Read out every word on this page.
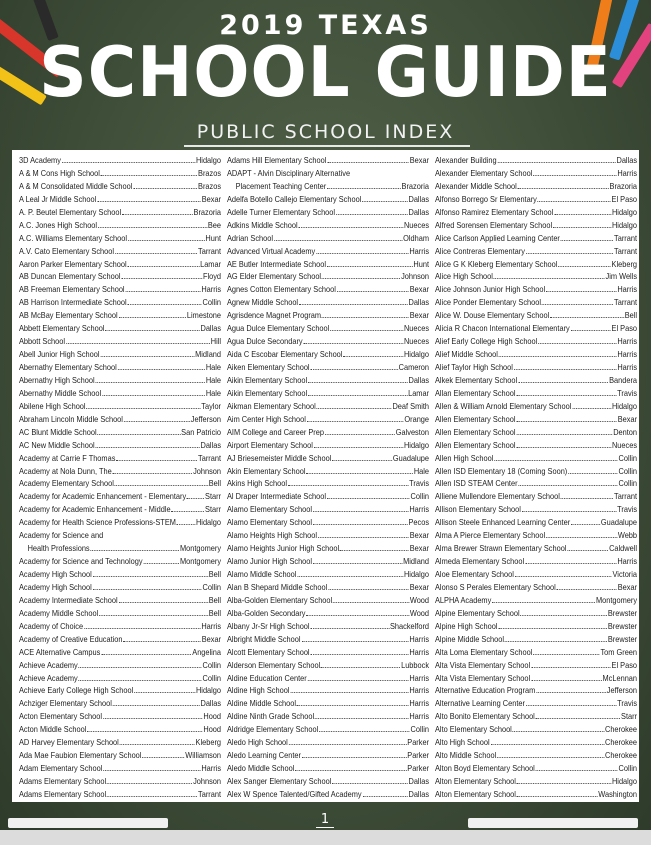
2019 TEXAS
SCHOOL GUIDE
PUBLIC SCHOOL INDEX
3D Academy	Hidalgo
A & M Cons High School	Brazos
A & M Consolidated Middle School	Brazos
A Leal Jr Middle School	Bexar
A. P. Beutel Elementary School	Brazoria
A.C. Jones High School	Bee
A.C. Williams Elementary School	Hunt
A.V. Cato Elementary School	Tarrant
Aaron Parker Elementary School	Lamar
AB Duncan Elementary School	Floyd
AB Freeman Elementary School	Harris
AB Harrison Intermediate School	Collin
AB McBay Elementary School	Limestone
Abbett Elementary School	Dallas
Abbott School	Hill
Abell Junior High School	Midland
Abernathy Elementary School	Hale
Abernathy High School	Hale
Abernathy Middle School	Hale
Abilene High School	Taylor
Abraham Lincoln Middle School	Jefferson
AC Blunt Middle School	San Patricio
AC New Middle School	Dallas
Academy at Carrie F Thomas	Tarrant
Academy at Nola Dunn, The	Johnson
Academy Elementary School	Bell
Academy for Academic Enhancement - Elementary Starr
Academy for Academic Enhancement - Middle	Starr
Academy for Health Science Professions-STEM Hidalgo
Academy for Science and
Health Professions	Montgomery
Academy for Science and Technology	Montgomery
Academy High School	Bell
Academy High School	Collin
Academy Intermediate School	Bell
Academy Middle School	Bell
Academy of Choice	Harris
Academy of Creative Education	Bexar
ACE Alternative Campus	Angelina
Achieve Academy	Collin
Achieve Academy	Collin
Achieve Early College High School	Hidalgo
Achziger Elementary School	Dallas
Acton Elementary School	Hood
Acton Middle School	Hood
AD Harvey Elementary School	Kleberg
Ada Mae Faubion Elementary School	Williamson
Adam Elementary School	Harris
Adams Elementary School	Johnson
Adams Elementary School	Tarrant
Adams Hill Elementary School	Bexar
ADAPT - Alvin Disciplinary Alternative
Placement Teaching Center	Brazoria
Adelfa Botello Callejo Elementary School	Dallas
Adelle Turner Elementary School	Dallas
Adkins Middle School	Nueces
Adrian School	Oldham
Advanced Virtual Academy	Harris
AE Butler Intermediate School	Hunt
AG Elder Elementary School	Johnson
Agnes Cotton Elementary School	Bexar
Agnew Middle School	Dallas
Agrisdence Magnet Program	Bexar
Agua Dulce Elementary School	Nueces
Agua Dulce Secondary	Nueces
Aida C Escobar Elementary School	Hidalgo
Aiken Elementary School	Cameron
Aikin Elementary School	Dallas
Aikin Elementary School	Lamar
Aikman Elementary School	Deaf Smith
Aim Center High School	Orange
AIM College and Career Prep	Galveston
Airport Elementary School	Hidalgo
AJ Briesemeister Middle School	Guadalupe
Akin Elementary School	Hale
Akins High School	Travis
Al Draper Intermediate School	Collin
Alamo Elementary School	Harris
Alamo Elementary School	Pecos
Alamo Heights High School	Bexar
Alamo Heights Junior High School	Bexar
Alamo Junior High School	Midland
Alamo Middle School	Hidalgo
Alan B Shepard Middle School	Bexar
Alba-Golden Elementary School	Wood
Alba-Golden Secondary	Wood
Albany Jr-Sr High School	Shackelford
Albright Middle School	Harris
Alcott Elementary School	Harris
Alderson Elementary School	Lubbock
Aldine Education Center	Harris
Aldine High School	Harris
Aldine Middle School	Harris
Aldine Ninth Grade School	Harris
Aldridge Elementary School	Collin
Aledo High School	Parker
Aledo Learning Center	Parker
Aledo Middle School	Parker
Alex Sanger Elementary School	Dallas
Alex W Spence Talented/Gifted Academy	Dallas
Alexander Building	Dallas
Alexander Elementary School	Harris
Alexander Middle School	Brazoria
Alfonso Borrego Sr Elementary	El Paso
Alfonso Ramirez Elementary School	Hidalgo
Alfred Sorensen Elementary School	Hidalgo
Alice Carlson Applied Learning Center	Tarrant
Alice Contreras Elementary	Tarrant
Alice G K Kleberg Elementary School	Kleberg
Alice High School	Jim Wells
Alice Johnson Junior High School	Harris
Alice Ponder Elementary School	Tarrant
Alice W. Douse Elementary School	Bell
Alicia R Chacon International Elementary	El Paso
Alief Early College High School	Harris
Alief Middle School	Harris
Alief Taylor High School	Harris
Alkek Elementary School	Bandera
Allan Elementary School	Travis
Allen & William Arnold Elementary School	Hidalgo
Allen Elementary School	Bexar
Allen Elementary School	Denton
Allen Elementary School	Nueces
Allen High School	Collin
Allen ISD Elementary 18 (Coming Soon)	Collin
Allen ISD STEAM Center	Collin
Alliene Mullendore Elementary School	Tarrant
Allison Elementary School	Travis
Allison Steele Enhanced Learning Center	Guadalupe
Alma A Pierce Elementary School	Webb
Alma Brewer Strawn Elementary School	Caldwell
Almeda Elementary School	Harris
Aloe Elementary School	Victoria
Alonso S Perales Elementary School	Bexar
ALPHA Academy	Montgomery
Alpine Elementary School	Brewster
Alpine High School	Brewster
Alpine Middle School	Brewster
Alta Loma Elementary School	Tom Green
Alta Vista Elementary School	El Paso
Alta Vista Elementary School	McLennan
Alternative Education Program	Jefferson
Alternative Learning Center	Travis
Alto Bonito Elementary School	Starr
Alto Elementary School	Cherokee
Alto High School	Cherokee
Alto Middle School	Cherokee
Alton Boyd Elementary School	Collin
Alton Elementary School	Hidalgo
Alton Elementary School	Washington
1
